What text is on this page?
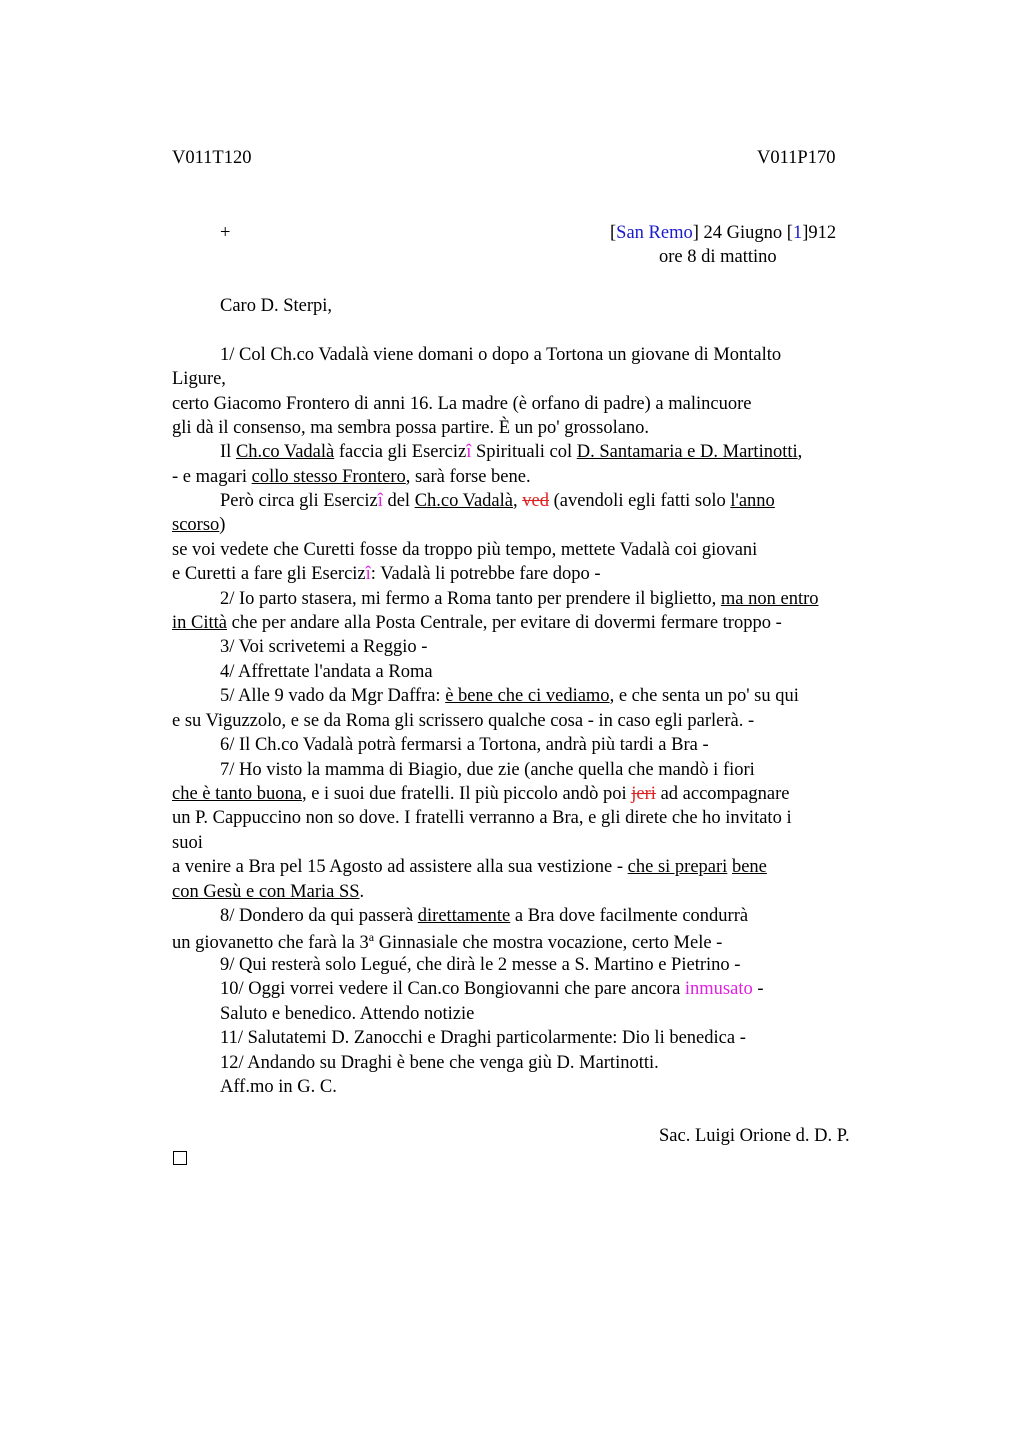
V011T120	V011P170
+	[San Remo] 24 Giugno [1]912
ore 8 di mattino
Caro D. Sterpi,
1/ Col Ch.co Vadalà viene domani o dopo a Tortona un giovane di Montalto
Ligure,
certo Giacomo Frontero di anni 16. La madre (è orfano di padre) a malincuore
gli dà il consenso, ma sembra possa partire. È un po' grossolano.
Il Ch.co Vadalà faccia gli Esercizî Spirituali col D. Santamaria e D. Martinotti,
- e magari collo stesso Frontero, sarà forse bene.
Però circa gli Esercizî del Ch.co Vadalà, ved (avendoli egli fatti solo l'anno
scorso)
se voi vedete che Curetti fosse da troppo più tempo, mettete Vadalà coi giovani
e Curetti a fare gli Esercizî: Vadalà li potrebbe fare dopo -
2/ Io parto stasera, mi fermo a Roma tanto per prendere il biglietto, ma non entro
in Città che per andare alla Posta Centrale, per evitare di dovermi fermare troppo -
3/ Voi scrivetemi a Reggio -
4/ Affrettate l'andata a Roma
5/ Alle 9 vado da Mgr Daffra: è bene che ci vediamo, e che senta un po' su qui
e su Viguzzolo, e se da Roma gli scrissero qualche cosa - in caso egli parlerà. -
6/ Il Ch.co Vadalà potrà fermarsi a Tortona, andrà più tardi a Bra -
7/ Ho visto la mamma di Biagio, due zie (anche quella che mandò i fiori
che è tanto buona, e i suoi due fratelli. Il più piccolo andò poi jeri ad accompagnare
un P. Cappuccino non so dove. I fratelli verranno a Bra, e gli direte che ho invitato i
suoi
a venire a Bra pel 15 Agosto ad assistere alla sua vestizione - che si prepari bene
con Gesù e con Maria SS.
8/ Dondero da qui passerà direttamente a Bra dove facilmente condurrà
un giovanetto che farà la 3$^a$ Ginnasiale che mostra vocazione, certo Mele -
9/ Qui resterà solo Legué, che dirà le 2 messe a S. Martino e Pietrino -
10/ Oggi vorrei vedere il Can.co Bongiovanni che pare ancora inmusato -
Saluto e benedico. Attendo notizie
11/ Salutatemi D. Zanocchi e Draghi particolarmente: Dio li benedica -
12/ Andando su Draghi è bene che venga giù D. Martinotti.
Aff.mo in G. C.
Sac. Luigi Orione d. D. P.
